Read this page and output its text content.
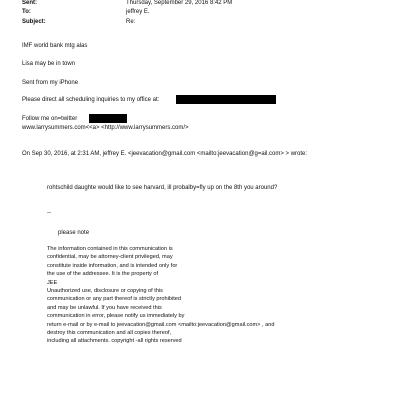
Sent:	Thursday, September 29, 2016 8:42 PM
To:	jeffrey E.
Subject:	Re:
IMF world bank mtg alas
Lisa may be in town
Sent from my iPhone
Please direct all scheduling inquiries to my office at:
Follow me on=twitter
www.larrysummers.com<<a> <http://www.larrysummers.com/>
On Sep 30, 2016, at 2:31 AM, jeffrey E. <jeevacation@gmail.com <mailto:jeevacation@g=ail.com> > wrote:
rohtschild daughte would like to see harvard, ill probalby=fly up on the 8th you around?
--
please note
The information contained in this communication is
confidential, may be attorney-client privileged, may
constitute inside information, and is intended only for
the use of the addressee. It is the property of
JEE
Unauthorized use, disclosure or copying of this
communication or any part thereof is strictly prohibited
and may be unlawful. If you have received this
communication in error, please notify us immediately by
return e-mail or by e-mail to jeevacation@gmail.com <mailto:jeevacation@gmail.com> , and
destroy this communication and all copies thereof,
including all attachments. copyright -all rights reserved
